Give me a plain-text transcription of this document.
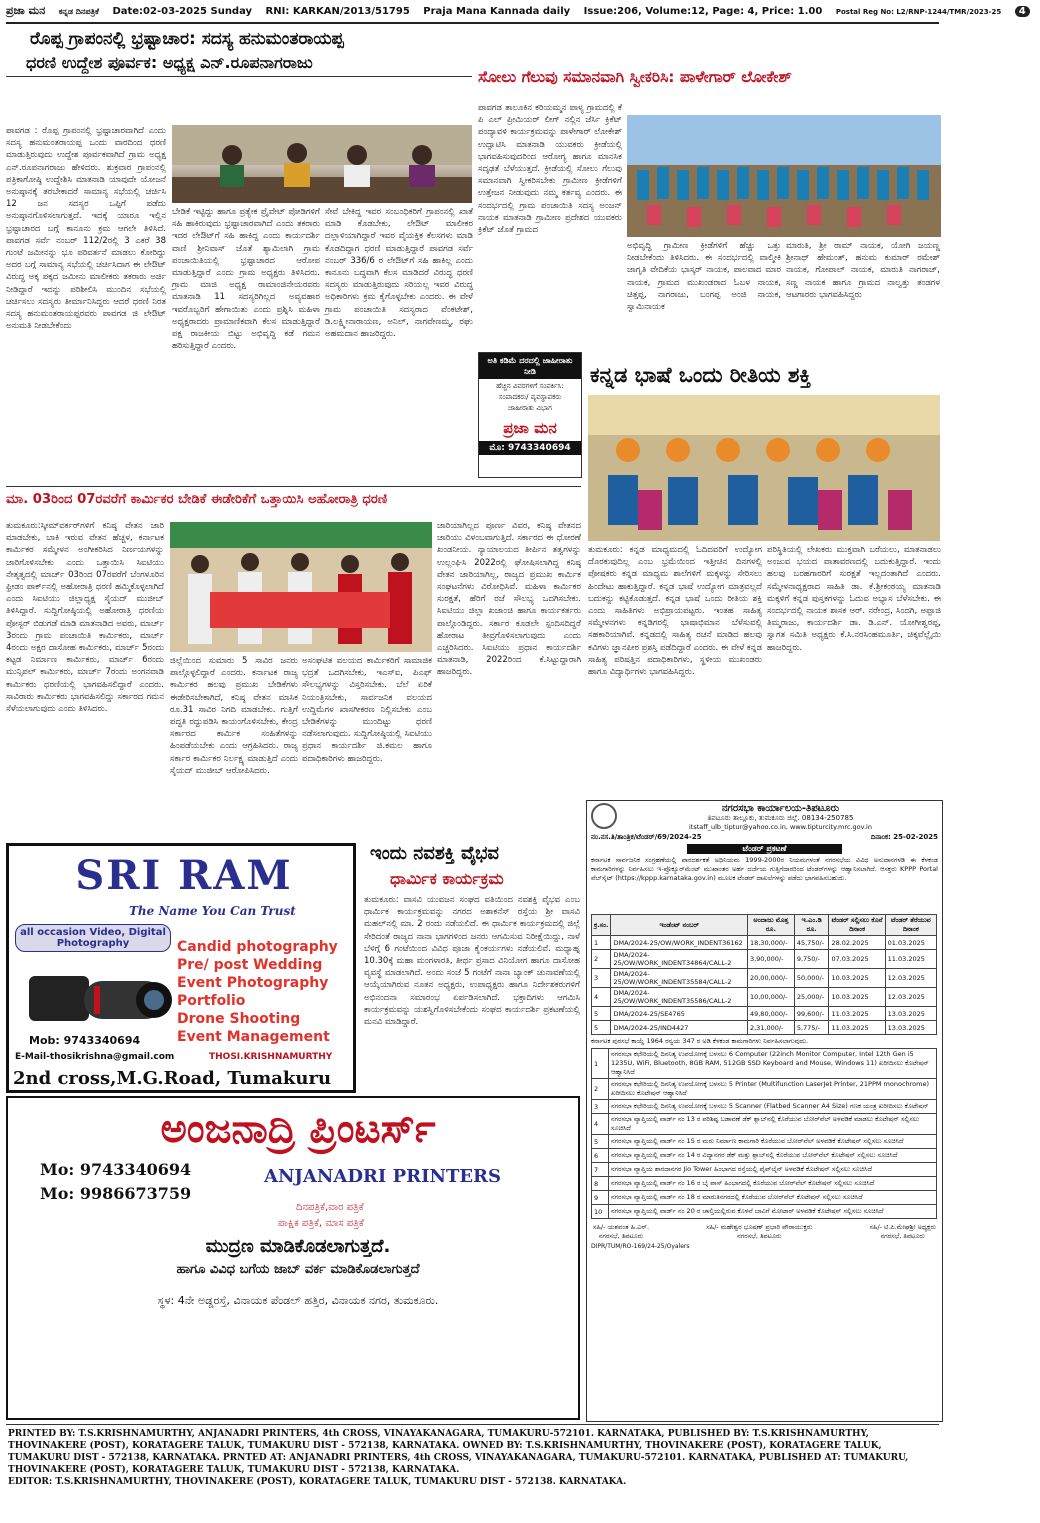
ಪ್ರಜಾ ಮನ ಕನ್ನಡ ದಿನಪತ್ರಿಕೆ Date:02-03-2025 Sunday RNI: KARKAN/2013/51795 Praja Mana Kannada daily Issue:206, Volume:12, Page: 4, Price: 1.00 Postal Reg No: L2/RNP-1244/TMR/2023-25 4
ರೊಪ್ಪ ಗ್ರಾಪಂನಲ್ಲಿ ಭ್ರಷ್ಟಾಚಾರ: ಸದಸ್ಯ ಹನುಮಂತರಾಯಪ್ಪ
ಧರಣಿ ಉದ್ದೇಶ ಪೂರ್ವಕ: ಅಧ್ಯಕ್ಷ ಎನ್.ರೂಪನಾಗರಾಜು
ಪಾವಗಡ : ರೊಪ್ಪ ಗ್ರಾಪಂನಲ್ಲಿ ಭ್ರಷ್ಟಾಚಾರವಾಗಿದೆ ಎಂದು ಸದಸ್ಯ ಹನುಮಂತರಾಯಪ್ಪ ಒಂದು ವಾರದಿಂದ ಧರಣಿ ಮಾಡುತ್ತಿರುವುದು ಉದ್ದೇಶ ಪೂರ್ವಕವಾಗಿದೆ ಗ್ರಾಮ ಅಧ್ಯಕ್ಷ ಎನ್.ರೂಪನಾಗರಾಜು ಹೇಳಿದರು. ಶುಕ್ರವಾರ ಗ್ರಾಪಂನಲ್ಲಿ ಪತ್ರಿಕಾಗೋಷ್ಠಿ ಉದ್ದೇಶಿಸಿ ಮಾತನಾಡಿ ಯಾವುದೇ ಯೋಜನೆ ಅನುಷ್ಠಾನಕ್ಕೆ ತರಬೇಕಾದರೆ ಸಾಮಾನ್ಯ ಸಭೆಯಲ್ಲಿ ಚರ್ಚಿಸಿ 12 ಜನ ಸದಸ್ಯರ ಒಪ್ಪಿಗೆ ಪಡೆದು ಅನುಷ್ಠಾನಗೊಳಿಸಲಾಗುತ್ತದೆ. ಇದಕ್ಕೆ ಯಾರೂ ಇಲ್ಲಿನ ಭ್ರಷ್ಟಾಚಾರದ ಬಗ್ಗೆ ಕಾನೂನು ಕ್ರಮ ಆಗಲೇ ತಿಳಿಸಿದೆ. ಪಾವಗಡ ಸರ್ವೆ ನಂಬರ್ 112/2ರಲ್ಲಿ 3 ಎಕರೆ 38 ಗುಂಟೆ ಜಮೀನನ್ನು ಭೂ ಪರಿವರ್ತನೆ ಮಾಡಲು ಕೋರಿದ್ದು ಅದರ ಬಗ್ಗೆ ಸಾಮಾನ್ಯ ಸಭೆಯಲ್ಲಿ ಚರ್ಚಿಸಿದಾಗ ಈ ಲೇಔಟ್ ವಿರುದ್ಧ ಅಕ್ಕ ಪಕ್ಕದ ಜಮೀನು ಮಾಲೀಕರು ತಕರಾರು ಅರ್ಜಿ ನೀಡಿದ್ದಾರೆ ಇದನ್ನು ಪರಿಶೀಲಿಸಿ ಮುಂದಿನ ಸಭೆಯಲ್ಲಿ ಚರ್ಚಿಸಲು ಸದಸ್ಯರು ತೀರ್ಮಾನಿಸಿದ್ದರು ಆದರೆ ಧರಣಿ ನಿರತ ಸದಸ್ಯ ಹನುಮಂತರಾಯಪ್ಪರವರು ಪಾವಗಡ ಜಿ ಲೇಔಟ್ ಅನುಮತಿ ನೀಡಬೇಕೆಂದು
ಬೇಡಿಕೆ ಇಟ್ಟಿದ್ದು ಹಾಗೂ ಪ್ರತ್ಯೇಕ ಪ್ರೈವೇಟ್ ಪೋಡಿಗಳಿಗೆ ಸಹಿ ಹಾಕಿರುವುದು ಭ್ರಷ್ಟಾಚಾರವಾಗಿದೆ ಎಂದು ತಕರಾರು ಇದರ ಲೇಔಟ್‌ಗೆ ಸಹಿ ಹಾಕಿದ್ದ ಎಂದು ಕಾರ್ಯದರ್ಶಿ ವಾಣಿ ಶ್ರೀನಿವಾಸ್ ಜೊತೆ ಶ್ಯಾಮಿಲಾಗಿ ಗ್ರಾಮ ಪಂಚಾಯಿತಿಯಲ್ಲಿ ಭ್ರಷ್ಟಾಚಾರದ ಆರೋಪ ಮಾಡುತ್ತಿದ್ದಾರೆ ಎಂದು ಗ್ರಾಮ ಅಧ್ಯಕ್ಷರು ತಿಳಿಸಿದರು. ಗ್ರಾಮ ಮಾಜಿ ಅಧ್ಯಕ್ಷ ರಾಮಾಂಜಿನೇಯರವರು ಮಾತನಾಡಿ 11 ಸದಸ್ಯರಿಗಿಲ್ಲದ ಅವ್ಯವಹಾರ ಇವರೊಬ್ಬರಿಗೆ ಹೇಗಾಯಿತು ಎಂದು ಪ್ರಶ್ನಿಸಿ ಮಹಿಳಾ ಅಧ್ಯಕ್ಷರಾದರು ಪ್ರಾಮಾಣಿಕವಾಗಿ ಕೆಲಸ ಮಾಡುತ್ತಿದ್ದಾರೆ ಪಕ್ಷ ರಾಜಕೀಯ ಬಿಟ್ಟು ಅಭಿವೃದ್ಧಿ ಕಡೆ ಗಮನ ಹರಿಸುತ್ತಿದ್ದಾರೆ ಎಂದರು.
ಸೇವೆ ಬೇಕಿದ್ದ ಇವರ ಸಂಬಂಧಿಕರಿಗೆ ಗ್ರಾಪಂನಲ್ಲಿ ಖಾತೆ ಮಾಡಿ ಕೊಡಬೇಕು, ಲೇಔಟ್ ಮಾಲೀಕರ ದಲ್ಲಾಳಿಯಾಗಿದ್ದಾರೆ ಇವರ ವೈಯಕ್ತಿಕ ಕೆಲಸಗಳು ಮಾಡಿ ಕೊಡದಿದ್ದಾಗ ಧರಣಿ ಮಾಡುತ್ತಿದ್ದಾರೆ ಪಾವಗಡ ಸರ್ವೆ ನಂಬರ್ 336/6 ರ ಲೇಔಟ್‌ಗೆ ಸಹಿ ಹಾಕಿಲ್ಲ ಎಂದು ಕಾನೂನು ಬದ್ಧವಾಗಿ ಕೆಲಸ ಮಾಡಿದರೆ ವಿರುದ್ಧ ಧರಣಿ ಸದಸ್ಯರು ಮಾಡುತ್ತಿರುವುದು ಸರಿಯಲ್ಲ ಇವರ ವಿರುದ್ಧ ಅಧಿಕಾರಿಗಳು ಕ್ರಮ ಕೈಗೊಳ್ಳಬೇಕು ಎಂದರು. ಈ ವೇಳೆ ಗ್ರಾಮ ಪಂಚಾಯಿತಿ ಸದಸ್ಯರಾದ ವೆಂಕಟೇಶ್, ಡಿ.ಲಕ್ಷ್ಮೀನಾರಾಯಣ, ಅನಿಲ್, ನಾಗವೇಣಮ್ಮ, ರಘು ಅಹಮದಾನ ಹಾಜರಿದ್ದರು.
ಅತಿ ಕಡಿಮೆ ದರದಲ್ಲಿ ಜಾಹೀರಾತು ನೀಡಿ
ಹೆಚ್ಚಿನ ವಿವರಗಳಿಗೆ ಸಂಪರ್ಕಿಸಿ:
ಸಂಪಾದಕರು/ ವ್ಯವಸ್ಥಾಪಕರು
ಜಾಹೀರಾತು ವಿಭಾಗ
ಪ್ರಜಾ ಮನ
ಮೊ: 9743340694
ಸೋಲು ಗೆಲುವು ಸಮಾನವಾಗಿ ಸ್ವೀಕರಿಸಿ: ಪಾಳೇಗಾರ್ ಲೋಕೇಶ್
ಪಾವಗಡ ತಾಲೂಕಿನ ಕರಿಯಮ್ಮನ ಪಾಳ್ಯ ಗ್ರಾಮದಲ್ಲಿ ಕೆ ಪಿ ಎಲ್ ಪ್ರೀಮಿಯರ್ ಲೀಗ್ ನಲ್ಲಿನ ಜೆರ್ಸಿ ಕ್ರಿಕೆಟ್ ಪಂದ್ಯಾವಳಿ ಕಾರ್ಯಕ್ರಮವನ್ನು ಪಾಳೇಗಾರ್ ಲೋಕೇಶ್ ಉದ್ಘಾಟಿಸಿ ಮಾತನಾಡಿ ಯುವಕರು ಕ್ರೀಡೆಯಲ್ಲಿ ಭಾಗವಹಿಸುವುದರಿಂದ ಆರೋಗ್ಯ ಹಾಗೂ ಮಾನಸಿಕ ಸದೃಢತೆ ಬೆಳೆಯುತ್ತದೆ. ಕ್ರೀಡೆಯಲ್ಲಿ ಸೋಲು ಗೆಲುವು ಸಮಾನವಾಗಿ ಸ್ವೀಕರಿಸಬೇಕು ಗ್ರಾಮೀಣ ಕ್ರೀಡೆಗಳಿಗೆ ಉತ್ತೇಜನ ನೀಡುವುದು ನಮ್ಮ ಕರ್ತವ್ಯ ಎಂದರು. ಈ ಸಂದರ್ಭದಲ್ಲಿ ಗ್ರಾಮ ಪಂಚಾಯಿತಿ ಸದಸ್ಯ ಅಂಜನ್ ನಾಯಕ ಮಾತನಾಡಿ ಗ್ರಾಮೀಣ ಪ್ರದೇಶದ ಯುವಕರು ಕ್ರಿಕೆಟ್ ಜೊತೆ ಗ್ರಾಮದ
ಅಭಿವೃದ್ಧಿ ಗ್ರಾಮೀಣ ಕ್ರೀಡೆಗಳಿಗೆ ಹೆಚ್ಚು ಒತ್ತು ನೀಡಬೇಕೆಂದು ತಿಳಿಸಿದರು. ಈ ಸಂದರ್ಭದಲ್ಲಿ ವಾಲ್ಮೀಕಿ ಜಾಗೃತಿ ವೇದಿಕೆಯ ಭಾಸ್ಕರ್ ನಾಯಕ, ಪಾಲವಾದ ಮಾರ ನಾಯಕ, ಗ್ರಾಮದ ಮುಖಂಡರಾದ ಓಬಳ ನಾಯಕ, ಚಿತ್ತಪ್ಪ, ನಾಗರಾಜು, ಬಂಗಪ್ಪ ಅಂಜಿ ನಾಯಕ, ಸ್ವಾಮಿನಾಯಕ
ಮಾರುತಿ, ಶ್ರೀ ರಾಮ್ ನಾಯಕ, ಯೋಗಿ ಜಯಣ್ಣ ಶ್ರೀನಾಥ್ ಹೇಮಂತ್, ಹನುಮ ಕುಮಾರ್ ರಮೇಶ್ ನಾಯಕ, ಗೋಪಾಲ್ ನಾಯಕ, ಮಾರುತಿ ನಾಗರಾಜ್, ಸಣ್ಣ ನಾಯಕ ಹಾಗೂ ಗ್ರಾಮದ ನಾಲ್ವತ್ತು ತಂಡಗಳ ಆಟಗಾರರು ಭಾಗವಹಿಸಿದ್ದರು
ಕನ್ನಡ ಭಾಷೆ ಒಂದು ರೀತಿಯ ಶಕ್ತಿ
ತುಮಕೂರು: ಕನ್ನಡ ಮಾಧ್ಯಮದಲ್ಲಿ ಓದಿದವರಿಗೆ ಉದ್ಯೋಗ ದೊರಕುವುದಿಲ್ಲ ಎಂಬ ಭ್ರಮೆಯಿಂದ ಇತ್ತೀಚಿನ ದಿನಗಳಲ್ಲಿ ಪೋಷಕರು ಕನ್ನಡ ಮಾಧ್ಯಮ ಶಾಲೆಗಳಿಗೆ ಮಕ್ಕಳನ್ನು ಸೇರಿಸಲು ಹಿಂದೇಟು ಹಾಕುತ್ತಿದ್ದಾರೆ. ಕನ್ನಡ ಭಾಷೆ ಉದ್ಯೋಗ ಮಾತ್ರವಲ್ಲದೆ ಬದುಕನ್ನು ಕಟ್ಟಿಕೊಡುತ್ತದೆ. ಕನ್ನಡ ಭಾಷೆ ಒಂದು ರೀತಿಯ ಶಕ್ತಿ ಎಂದು ಸಾಹಿತಿಗಳು ಅಭಿಪ್ರಾಯಪಟ್ಟರು. ಇಂತಹ ಸಾಹಿತ್ಯ ಸಮ್ಮೇಳನಗಳು ಕನ್ನಡಿಗರಲ್ಲಿ ಭಾಷಾಭಿಮಾನ ಬೆಳೆಸುವಲ್ಲಿ ಸಹಕಾರಿಯಾಗಿವೆ. ಕನ್ನಡದಲ್ಲಿ ಸಾಹಿತ್ಯ ರಚನೆ ಮಾಡಿದ ಹಲವು ಕವಿಗಳು ಜ್ಞಾನಪೀಠ ಪ್ರಶಸ್ತಿ ಪಡೆದಿದ್ದಾರೆ ಎಂದರು. ಈ ವೇಳೆ ಕನ್ನಡ ಸಾಹಿತ್ಯ ಪರಿಷತ್ತಿನ ಪದಾಧಿಕಾರಿಗಳು, ಸ್ಥಳೀಯ ಮುಖಂಡರು ಹಾಗೂ ವಿದ್ಯಾರ್ಥಿಗಳು ಭಾಗವಹಿಸಿದ್ದರು.
ಪರಿಸ್ಥಿತಿಯಲ್ಲಿ ಲೇಖಕರು ಮುಕ್ತವಾಗಿ ಬರೆಯಲು, ಮಾತನಾಡಲು ಅಂಜುವ ಭಯದ ವಾತಾವರಣದಲ್ಲಿ ಬದುಕುತ್ತಿದ್ದಾರೆ. ಇಂದು ಹಲವು ಬರಹಗಾರರಿಗೆ ಸುರಕ್ಷತೆ ಇಲ್ಲದಂತಾಗಿದೆ ಎಂದರು. ಸಮ್ಮೇಳನಾಧ್ಯಕ್ಷರಾದ ಸಾಹಿತಿ ಡಾ. ಕೆ.ಶ್ರೀಕಂಠಯ್ಯ ಮಾತನಾಡಿ ಮಕ್ಕಳಿಗೆ ಕನ್ನಡ ಪುಸ್ತಕಗಳನ್ನು ಓದುವ ಅಭ್ಯಾಸ ಬೆಳೆಸಬೇಕು. ಈ ಸಂದರ್ಭದಲ್ಲಿ ನಾಯಕ ಶಾಸಕ ಆರ್. ನರೇಂದ್ರ, ಸಿಂದಗಿ, ಅಪ್ಪಾಜಿ ತಿಮ್ಮರಾಜು, ಕಾರ್ಯದರ್ಶಿ ಡಾ. ಡಿ.ಎನ್. ಯೋಗೀಶ್ವರಪ್ಪ, ಸ್ವಾಗತ ಸಮಿತಿ ಅಧ್ಯಕ್ಷರು ಕೆ.ಸಿ.ನರಸಿಂಹಮೂರ್ತಿ, ಚಿಕ್ಕವೆಲ್ಲೈಯಿ ಹಾಜರಿದ್ದರು.
ಮಾ. 03ರಿಂದ 07ರವರೆಗೆ ಕಾರ್ಮಿಕರ ಬೇಡಿಕೆ ಈಡೇರಿಕೆಗೆ ಒತ್ತಾಯಿಸಿ ಅಹೋರಾತ್ರಿ ಧರಣಿ
ತುಮಕೂರು:ಸ್ಕೀಮ್‌ವರ್ಕರ್‌ಗಳಿಗೆ ಕನಿಷ್ಠ ವೇತನ ಜಾರಿ ಮಾಡಬೇಕು, ಬಾಕಿ ಇರುವ ವೇತನ ಹೆಚ್ಚಳ, ಕರ್ನಾಟಕ ಕಾರ್ಮಿಕರ ಸಮ್ಮೇಳನ ಅಂಗೀಕರಿಸಿದ ನಿರ್ಣಯಗಳನ್ನು ಜಾರಿಗೊಳಿಸಬೇಕು ಎಂದು ಒತ್ತಾಯಿಸಿ ಸಿಐಟಿಯು ನೇತೃತ್ವದಲ್ಲಿ ಮಾರ್ಚ್ 03ರಿಂದ 07ರವರೆಗೆ ಬೆಂಗಳೂರಿನ ಫ್ರೀಡಂ ಪಾರ್ಕ್‌ನಲ್ಲಿ ಅಹೋರಾತ್ರಿ ಧರಣಿ ಹಮ್ಮಿಕೊಳ್ಳಲಾಗಿದೆ ಎಂದು ಸಿಐಟಿಯು ಜಿಲ್ಲಾಧ್ಯಕ್ಷ ಸೈಯದ್ ಮುಜೀಬ್ ತಿಳಿಸಿದ್ದಾರೆ. ಸುದ್ದಿಗೋಷ್ಠಿಯಲ್ಲಿ ಅಹೋರಾತ್ರಿ ಧರಣಿಯ ಪೋಸ್ಟರ್ ಬಿಡುಗಡೆ ಮಾಡಿ ಮಾತನಾಡಿದ ಅವರು, ಮಾರ್ಚ್ 3ರಂದು ಗ್ರಾಮ ಪಂಚಾಯಿತಿ ಕಾರ್ಮಿಕರು, ಮಾರ್ಚ್ 4ರಂದು ಅಕ್ಷರ ದಾಸೋಹ ಕಾರ್ಮಿಕರು, ಮಾರ್ಚ್ 5ರಂದು ಕಟ್ಟಡ ನಿರ್ಮಾಣ ಕಾರ್ಮಿಕರು, ಮಾರ್ಚ್ 6ರಂದು ಮುನ್ಸಿಪಲ್ ಕಾರ್ಮಿಕರು, ಮಾರ್ಚ್ 7ರಂದು ಅಂಗನವಾಡಿ ಕಾರ್ಮಿಕರು ಧರಣಿಯಲ್ಲಿ ಭಾಗವಹಿಸಲಿದ್ದಾರೆ ಎಂದರು. ಸಾವಿರಾರು ಕಾರ್ಮಿಕರು ಭಾಗವಹಿಸಲಿದ್ದು ಸರ್ಕಾರದ ಗಮನ ಸೆಳೆಯಲಾಗುವುದು ಎಂದು ತಿಳಿಸಿದರು.
ಜಿಲ್ಲೆಯಿಂದ ಸುಮಾರು 5 ಸಾವಿರ ಜನರು ಪಾಲ್ಗೊಳ್ಳಲಿದ್ದಾರೆ ಎಂದರು. ಕರ್ನಾಟಕ ರಾಜ್ಯ ಕಾರ್ಮಿಕರ ಹಲವು ಪ್ರಮುಖ ಬೇಡಿಕೆಗಳು ಈಡೇರಿಸಬೇಕಾಗಿದೆ, ಕನಿಷ್ಠ ವೇತನ ಮಾಸಿಕ ರೂ.31 ಸಾವಿರ ನಿಗದಿ ಮಾಡಬೇಕು. ಗುತ್ತಿಗೆ ಪದ್ಧತಿ ರದ್ದುಪಡಿಸಿ ಕಾಯಂಗೊಳಿಸಬೇಕು, ಕೇಂದ್ರ ಸರ್ಕಾರದ ಕಾರ್ಮಿಕ ಸಂಹಿತೆಗಳನ್ನು ಹಿಂಪಡೆಯಬೇಕು ಎಂದು ಆಗ್ರಹಿಸಿದರು. ರಾಜ್ಯ ಸರ್ಕಾರ ಕಾರ್ಮಿಕರ ನಿರ್ಲಕ್ಷ್ಯ ಮಾಡುತ್ತಿದೆ ಎಂದು ಸೈಯದ್ ಮುಜೀಬ್ ಆರೋಪಿಸಿದರು.
ಅಸಂಘಟಿತ ವಲಯದ ಕಾರ್ಮಿಕರಿಗೆ ಸಾಮಾಜಿಕ ಭದ್ರತೆ ಒದಗಿಸಬೇಕು, ಇ‌ಎಸ್‌ಐ, ಪಿ‌ಎಫ್ ಸೌಲಭ್ಯಗಳನ್ನು ವಿಸ್ತರಿಸಬೇಕು. ಬೆಲೆ ಏರಿಕೆ ನಿಯಂತ್ರಿಸಬೇಕು, ಸಾರ್ವಜನಿಕ ವಲಯದ ಉದ್ದಿಮೆಗಳ ಖಾಸಗೀಕರಣ ನಿಲ್ಲಿಸಬೇಕು ಎಂಬ ಬೇಡಿಕೆಗಳನ್ನು ಮುಂದಿಟ್ಟು ಧರಣಿ ನಡೆಸಲಾಗುವುದು. ಸುದ್ದಿಗೋಷ್ಠಿಯಲ್ಲಿ ಸಿಐಟಿಯು ಪ್ರಧಾನ ಕಾರ್ಯದರ್ಶಿ ಜಿ.ಕಮಲ ಹಾಗೂ ಪದಾಧಿಕಾರಿಗಳು ಹಾಜರಿದ್ದರು.
ಜಾರಿಯಾಗಿಲ್ಲದ ಪೂರ್ಣ ವಿವರ, ಕನಿಷ್ಠ ವೇತನದ ಜಾರಿಯು ವಿಳಂಬವಾಗುತ್ತಿದೆ. ಸರ್ಕಾರದ ಈ ಧೋರಣೆ ಖಂಡನೀಯ. ನ್ಯಾಯಾಲಯದ ತೀರ್ಪಿನ ತತ್ವಗಳನ್ನು ಉಲ್ಲಂಘಿಸಿ 2022ರಲ್ಲಿ ಘೋಷಿಸಲಾಗಿದ್ದ ಕನಿಷ್ಠ ವೇತನ ಜಾರಿಯಾಗಿಲ್ಲ, ರಾಜ್ಯದ ಪ್ರಮುಖ ಕಾರ್ಮಿಕ ಸಂಘಟನೆಗಳು ವಿರೋಧಿಸಿವೆ. ಮಹಿಳಾ ಕಾರ್ಮಿಕರ ಸುರಕ್ಷತೆ, ಹೆರಿಗೆ ರಜೆ ಸೌಲಭ್ಯ ಒದಗಿಸಬೇಕು. ಸಿಐಟಿಯು ಜಿಲ್ಲಾ ಖಜಾಂಚಿ ಹಾಗೂ ಕಾರ್ಯಕರ್ತರು ಪಾಲ್ಗೊಂಡಿದ್ದರು. ಸರ್ಕಾರ ಕೂಡಲೇ ಸ್ಪಂದಿಸದಿದ್ದರೆ ಹೋರಾಟ ತೀವ್ರಗೊಳಿಸಲಾಗುವುದು ಎಂದು ಎಚ್ಚರಿಸಿದರು. ಸಿಐಟಿಯು ಪ್ರಧಾನ ಕಾರ್ಯದರ್ಶಿ ಮಾತನಾಡಿ, 2022ರಿಂದ ಕೆ.ಸಿಟ್ಟುದ್ದಾರಾಗಿ ಹಾಜರಿದ್ದರು.
SRI RAM
The Name You Can Trust
all occasion Video, Digital Photography	Candid photography
Pre/ post Wedding
Event Photography
Portfolio
Drone Shooting
Event Management
Mob: 9743340694
THOSI.KRISHNAMURTHY
E-Mail-thosikrishna@gmail.com
2nd cross,M.G.Road, Tumakuru
ಇಂದು ನವಶಕ್ತಿ ವೈಭವ
ಧಾರ್ಮಿಕ ಕಾರ್ಯಕ್ರಮ
ತುಮಕೂರು: ವಾಸವಿ ಯುವಜನ ಸಂಘದ ವತಿಯಿಂದ ನವಶಕ್ತಿ ವೈಭವ ಎಂಬ ಧಾರ್ಮಿಕ ಕಾರ್ಯಕ್ರಮವನ್ನು ನಗರದ ಅಶಾಕನೆಸ್ ರಸ್ತೆಯ ಶ್ರೀ ವಾಸವಿ ಮಹಲ್‌ನಲ್ಲಿ ಮಾ. 2 ರಂದು ನಡೆಯಲಿದೆ. ಈ ಧಾರ್ಮಿಕ ಕಾರ್ಯಕ್ರಮದಲ್ಲಿ ಜಿಲ್ಲೆ ಸೇರಿದಂತೆ ರಾಜ್ಯದ ನಾನಾ ಭಾಗಗಳಿಂದ ಜನರು ಆಗಮಿಸುವ ನಿರೀಕ್ಷೆಯಿದ್ದು, ನಾಳೆ ಬೆಳಿಗ್ಗೆ 6 ಗಂಟೆಯಿಂದ ವಿವಿಧ ಪೂಜಾ ಕೈಂಕರ್ಯಗಳು ನಡೆಯಲಿವೆ. ಮಧ್ಯಾಹ್ನ 10.30ಕ್ಕೆ ಮಹಾ ಮಂಗಳಾರತಿ, ತೀರ್ಥ ಪ್ರಸಾದ ವಿನಿಯೋಗ ಹಾಗೂ ದಾಸೋಹ ವ್ಯವಸ್ಥೆ ಮಾಡಲಾಗಿದೆ. ಅಂದು ಸಂಜೆ 5 ಗಂಟೆಗೆ ನಾನಾ ಬ್ಯಾಂಕ್ ಚುನಾವಣೆಯಲ್ಲಿ ಆಯ್ಕೆಯಾಗಿರುವ ನೂತನ ಅಧ್ಯಕ್ಷರು, ಉಪಾಧ್ಯಕ್ಷರು ಹಾಗೂ ನಿರ್ದೇಶಕರುಗಳಿಗೆ ಅಭಿನಂದನಾ ಸಮಾರಂಭ ಏರ್ಪಡಿಸಲಾಗಿದೆ. ಭಕ್ತಾದಿಗಳು ಆಗಮಿಸಿ ಕಾರ್ಯಕ್ರಮವನ್ನು ಯಶಸ್ವಿಗೊಳಿಸಬೇಕೆಂದು ಸಂಘದ ಕಾರ್ಯದರ್ಶಿ ಪ್ರಕಟಣೆಯಲ್ಲಿ ಮನವಿ ಮಾಡಿದ್ದಾರೆ.
ನಗರಸಭಾ ಕಾರ್ಯಾಲಯ-ತಿಪಟೂರು
ತಿಪಟೂರು ತಾಲ್ಲೂಕು, ತುಮಕೂರು ಜಿಲ್ಲೆ. 08134-250785
itstaff_ulb_tiptur@yahoo.co.in, www.tipturcity.mrc.gov.in
ನಂ.ನಸ.ತಿ/ತಾಂತ್ರಿಕ/ಟೆಂಡರ್/69/2024-25	ದಿನಾಂಕ: 25-02-2025
ಟೆಂಡರ್ ಪ್ರಕಟಣೆ
ಕರ್ನಾಟಕ ಸಾರ್ವಜನಿಕ ಸಂಗ್ರಹಣೆಯಲ್ಲಿ ಪಾರದರ್ಶಕತೆ ಅಧಿನಿಯಮ 1999-2000ರ ನಿಯಮಗಳಂತೆ ನಗರಸಭೆಯ ವಿವಿಧ ಅನುದಾನಗಳಡಿ ಈ ಕೆಳಕಂಡ ಕಾಮಗಾರಿಗಳನ್ನು ನಿರ್ವಹಿಸಲು ಇ-ಪ್ರೊಕ್ಯೂರ್‌ಮೆಂಟ್ ಮುಖಾಂತರ ಅರ್ಹ ದರ್ಜೆಯ ಗುತ್ತಿಗೆದಾರರಿಂದ ಟೆಂಡರ್‌ಗಳನ್ನು ಆಹ್ವಾನಿಸಲಾಗಿದೆ. ಆಸಕ್ತರು KPPP Portal ವೆಬ್‌ಸೈಟ್ (https://kppp.karnataka.gov.in) ಮೂಲಕ ಟೆಂಡರ್ ದಾಖಲೆಗಳನ್ನು ಪಡೆದು ಭಾಗವಹಿಸಬಹುದು.
ಕ್ರ.ಸಂ.	ಇಂಡೆಂಟ್ ನಂಬರ್	ಅಂದಾಜು ಮೊತ್ತ ರೂ.	ಇ.ಎಂ.ಡಿ ರೂ.	ಟೆಂಡರ್ ಸಲ್ಲಿಸಲು ಕೊನೆ ದಿನಾಂಕ	ಟೆಂಡರ್ ತೆರೆಯುವ ದಿನಾಂಕ
1	DMA/2024-25/OW/WORK_INDENT36162	18,30,000/-	45,750/-	28.02.2025	01.03.2025
2	DMA/2024-25/OW/WORK_INDENT34864/CALL-2	3,90,000/-	9,750/-	07.03.2025	11.03.2025
3	DMA/2024-25/OW/WORK_INDENT35584/CALL-2	20,00,000/-	50,000/-	10.03.2025	12.03.2025
4	DMA/2024-25/OW/WORK_INDENT35586/CALL-2	10,00,000/-	25,000/-	10.03.2025	12.03.2025
5	DMA/2024-25/SE4765	49,80,000/-	99,600/-	11.03.2025	13.03.2025
5	DMA/2024-25/IND4427	2,31,000/-	5,775/-	11.03.2025	13.03.2025
ಕರ್ನಾಟಕ ಪುರಸಭೆ ಕಾಯ್ದೆ 1964 ರನ್ವಯ 347 ರ ಅಡಿ ಕೆಳಕಂಡ ಕಾಮಗಾರಿಗಳು ನಿರ್ವಹಿಸಲಾಗುವುದು.
1	ನಗರಸಭಾ ಕಛೇರಿಯಲ್ಲಿ ದಿನನಿತ್ಯ ಉಪಯೋಗಕ್ಕೆ ಬಳಸಲು 6 Computer (22inch Monitor Computer, Intel 12th Gen i5 1235U, WiFi, Bluetooth, 8GB RAM, 512GB SSD Keyboard and Mouse, Windows 11) ಖರೀದಿಸಲು ಕೊಟೇಷನ್ ಆಹ್ವಾನಿಸಿದೆ
2	ನಗರಸಭಾ ಕಛೇರಿಯಲ್ಲಿ ದಿನನಿತ್ಯ ಉಪಯೋಗಕ್ಕೆ ಬಳಸಲು 5 Printer (Multifunction LaserJet Printer, 21PPM monochrome) ಖರೀದಿಸಲು ಕೊಟೇಷನ್ ಆಹ್ವಾನಿಸಿದೆ
3	ನಗರಸಭಾ ಕಛೇರಿಯಲ್ಲಿ ದಿನನಿತ್ಯ ಉಪಯೋಗಕ್ಕೆ ಬಳಸಲು 5 Scanner (Flatbed Scanner A4 Size) ಗಣಕ ಯಂತ್ರ ಖರೀದಿಸಲು ಕೊಟೇಷನ್
4	ನಗರಸಭಾ ವ್ಯಾಪ್ತಿಯಲ್ಲಿ ವಾರ್ಡ್ ನಂ 13 ರ ಪರಿಶಿಷ್ಟ ಬಡಾವಣೆ ಡೆಕ್ ಶ್ಲಾಬ್‌ನಲ್ಲಿ ಕೊರೆಯುವ ಬೋರ್‌ವೆಲ್ ಅಳವಡಿಕೆ ಮಾಡಲು ಕೊಟೇಷನ್ ಸಲ್ಲಿಸಲು ಸೂಚಿಸಿದೆ
5	ನಗರಸಭಾ ವ್ಯಾಪ್ತಿಯಲ್ಲಿ ವಾರ್ಡ್ ನಂ 15 ರ ಮರು ನಿರ್ಮಾಣ ಕಾಮಗಾರಿ ಕೊರೆಯುವ ಬೋರ್‌ವೆಲ್ ಅಳವಡಿಕೆ ಕೊಟೇಷನ್ ಸಲ್ಲಿಸಲು ಸೂಚಿಸಿದೆ
6	ನಗರಸಭಾ ವ್ಯಾಪ್ತಿಯಲ್ಲಿ ವಾರ್ಡ್ ನಂ 14 ರ ವಿದ್ಯಾನಗರ ಡೆಕ್ ಮತ್ತು ಶ್ಲಾಬ್‌ನಲ್ಲಿ ಕೊರೆಯುವ ಬೋರ್‌ವೆಲ್ ಕೊಟೇಷನ್ ಸಲ್ಲಿಸಲು ಸೂಚಿಸಿದೆ
7	ನಗರಸಭಾ ವ್ಯಾಪ್ತಿಯ ಶಾರದಾನಗರ Jio Tower ಹಿಂಭಾಗದ ರಸ್ತೆಯಲ್ಲಿ ಪೈಪ್‌ಲೈನ್ ಅಳವಡಿಕೆ ಕೊಟೇಷನ್ ಸಲ್ಲಿಸಲು ಸೂಚಿಸಿದೆ
8	ನಗರಸಭಾ ವ್ಯಾಪ್ತಿಯಲ್ಲಿ ವಾರ್ಡ್ ನಂ 16 ರ ಬೈ ಪಾಸ್ ಹಿಂಭಾಗದಲ್ಲಿ ಕೊರೆಯುವ ಬೋರ್‌ವೆಲ್ ಕೊಟೇಷನ್ ಸಲ್ಲಿಸಲು ಸೂಚಿಸಿದೆ
9	ನಗರಸಭಾ ವ್ಯಾಪ್ತಿಯಲ್ಲಿ ವಾರ್ಡ್ ನಂ 18 ರ ಮಾರುತಿನಗರದಲ್ಲಿ ಕೊರೆಯುವ ಬೋರ್‌ವೆಲ್ ಕೊಟೇಷನ್ ಸಲ್ಲಿಸಲು ಸೂಚಿಸಿದೆ
10	ನಗರಸಭಾ ವ್ಯಾಪ್ತಿಯಲ್ಲಿ ವಾರ್ಡ್ ನಂ 20 ರ ಚಾಲ್ತಿಯಲ್ಲಿರುವ ಕೊಳವೆ ಬಾವಿಗೆ ಮೋಟಾರ್ ಅಳವಡಿಕೆ ಕೊಟೇಷನ್ ಸಲ್ಲಿಸಲು ಸೂಚಿಸಿದೆ
ಸಹಿ/- ಯಶವಂತ ಹಿ.ಎನ್.
ನಗರಸಭೆ, ತಿಪಟೂರು
ಸಹಿ/- ಮಹೇಶ್ವರ ಭೂಷಣ್ ಪ್ರಭಾರಿ ಪೌರಾಯುಕ್ತರು
ನಗರಸಭೆ, ತಿಪಟೂರು
ಸಹಿ/- ಟಿ.ಪಿ.ಮೇಘಶ್ರೀ ಅಧ್ಯಕ್ಷರು
ನಗರಸಭೆ, ತಿಪಟೂರು
DIPR/TUM/RO-169/24-25/Oyalers
ಅಂಜನಾದ್ರಿ ಪ್ರಿಂಟರ್ಸ್
Mo: 9743340694
Mo: 9986673759
ANJANADRI PRINTERS
ದಿನಪತ್ರಿಕೆ,ವಾರ ಪತ್ರಿಕೆ
ಪಾಕ್ಷಿಕ ಪತ್ರಿಕೆ, ಮಾಸ ಪತ್ರಿಕೆ
ಮುದ್ರಣ ಮಾಡಿಕೊಡಲಾಗುತ್ತದೆ.
ಹಾಗೂ ವಿವಿಧ ಬಗೆಯ ಜಾಬ್ ವರ್ಕ ಮಾಡಿಕೊಡಲಾಗುತ್ತದೆ
ಸ್ಥಳ: 4ನೇ ಅಡ್ಡರಸ್ತೆ, ವಿನಾಯಕ ಪೆಂಡಲ್ ಹತ್ತಿರ, ವಿನಾಯಕ ನಗರ, ತುಮಕೂರು.
PRINTED BY: T.S.KRISHNAMURTHY, ANJANADRI PRINTERS, 4th CROSS, VINAYAKANAGARA, TUMAKURU-572101. KARNATAKA, PUBLISHED BY: T.S.KRISHNAMURTHY, THOVINAKERE (POST), KORATAGERE TALUK, TUMAKURU DIST - 572138, KARNATAKA. OWNED BY: T.S.KRISHNAMURTHY, THOVINAKERE (POST), KORATAGERE TALUK, TUMAKURU DIST - 572138, KARNATAKA. PRNTED AT: ANJANADRI PRINTERS, 4th CROSS, VINAYAKANAGARA, TUMAKURU-572101. KARNATAKA, PUBLISHED AT: TUMAKURU, THOVINAKERE (POST), KORATAGERE TALUK, TUMAKURU DIST - 572138, KARNATAKA.
EDITOR: T.S.KRISHNAMURTHY, THOVINAKERE (POST), KORATAGERE TALUK, TUMAKURU DIST - 572138. KARNATAKA.
